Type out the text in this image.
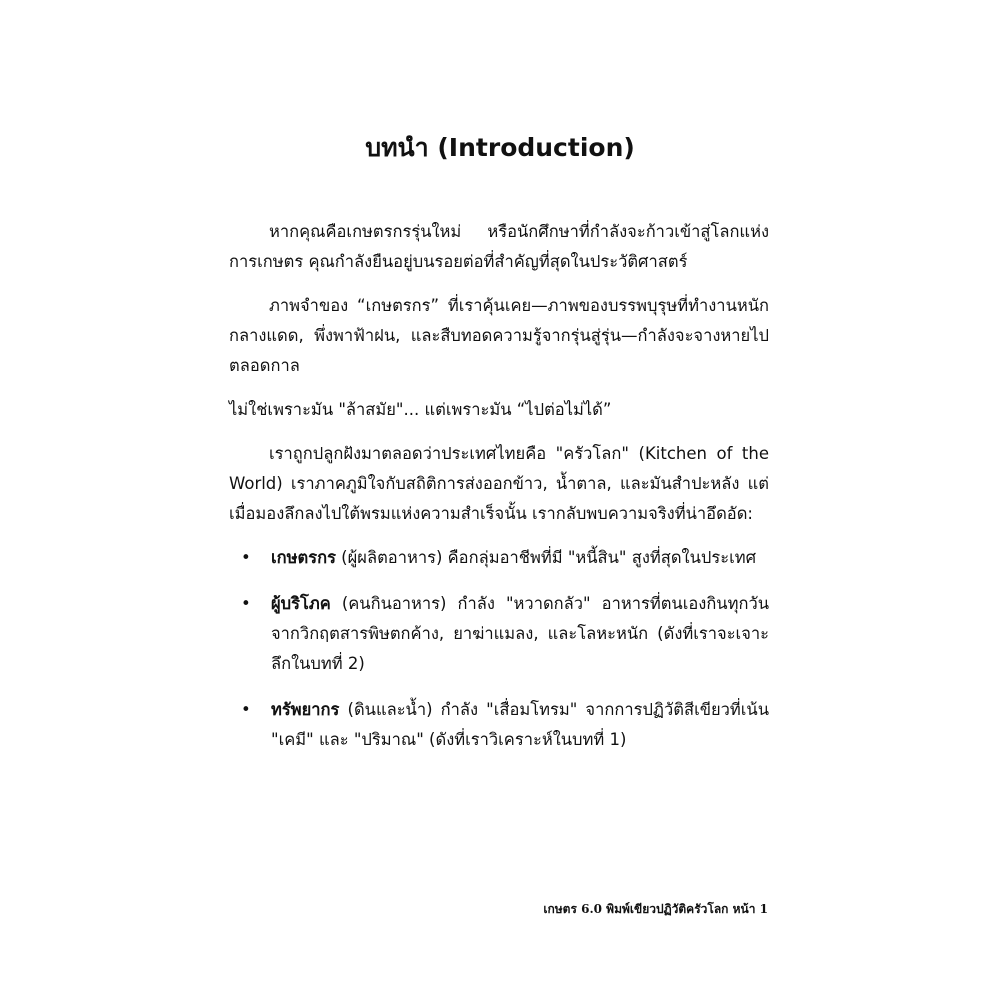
บทนำ (Introduction)

หากคุณคือเกษตรกรรุ่นใหม่ หรือนักศึกษาที่กำลังจะก้าวเข้าสู่โลกแห่งการเกษตร คุณกำลังยืนอยู่บนรอยต่อที่สำคัญที่สุดในประวัติศาสตร์

ภาพจำของ “เกษตรกร” ที่เราคุ้นเคย—ภาพของบรรพบุรุษที่ทำงานหนักกลางแดด, พึ่งพาฟ้าฝน, และสืบทอดความรู้จากรุ่นสู่รุ่น—กำลังจะจางหายไปตลอดกาล

ไม่ใช่เพราะมัน "ล้าสมัย"... แต่เพราะมัน “ไปต่อไม่ได้”

เราถูกปลูกฝังมาตลอดว่าประเทศไทยคือ "ครัวโลก" (Kitchen of the World) เราภาคภูมิใจกับสถิติการส่งออกข้าว, น้ำตาล, และมันสำปะหลัง แต่เมื่อมองลึกลงไปใต้พรมแห่งความสำเร็จนั้น เรากลับพบความจริงที่น่าอึดอัด:

• เกษตรกร (ผู้ผลิตอาหาร) คือกลุ่มอาชีพที่มี "หนี้สิน" สูงที่สุดในประเทศ
• ผู้บริโภค (คนกินอาหาร) กำลัง "หวาดกลัว" อาหารที่ตนเองกินทุกวัน จากวิกฤตสารพิษตกค้าง, ยาฆ่าแมลง, และโลหะหนัก (ดังที่เราจะเจาะลึกในบทที่ 2)
• ทรัพยากร (ดินและน้ำ) กำลัง "เสื่อมโทรม" จากการปฏิวัติสีเขียวที่เน้น "เคมี" และ "ปริมาณ" (ดังที่เราวิเคราะห์ในบทที่ 1)
เกษตร 6.0 พิมพ์เขียวปฏิวัติครัวโลก หน้า 1
